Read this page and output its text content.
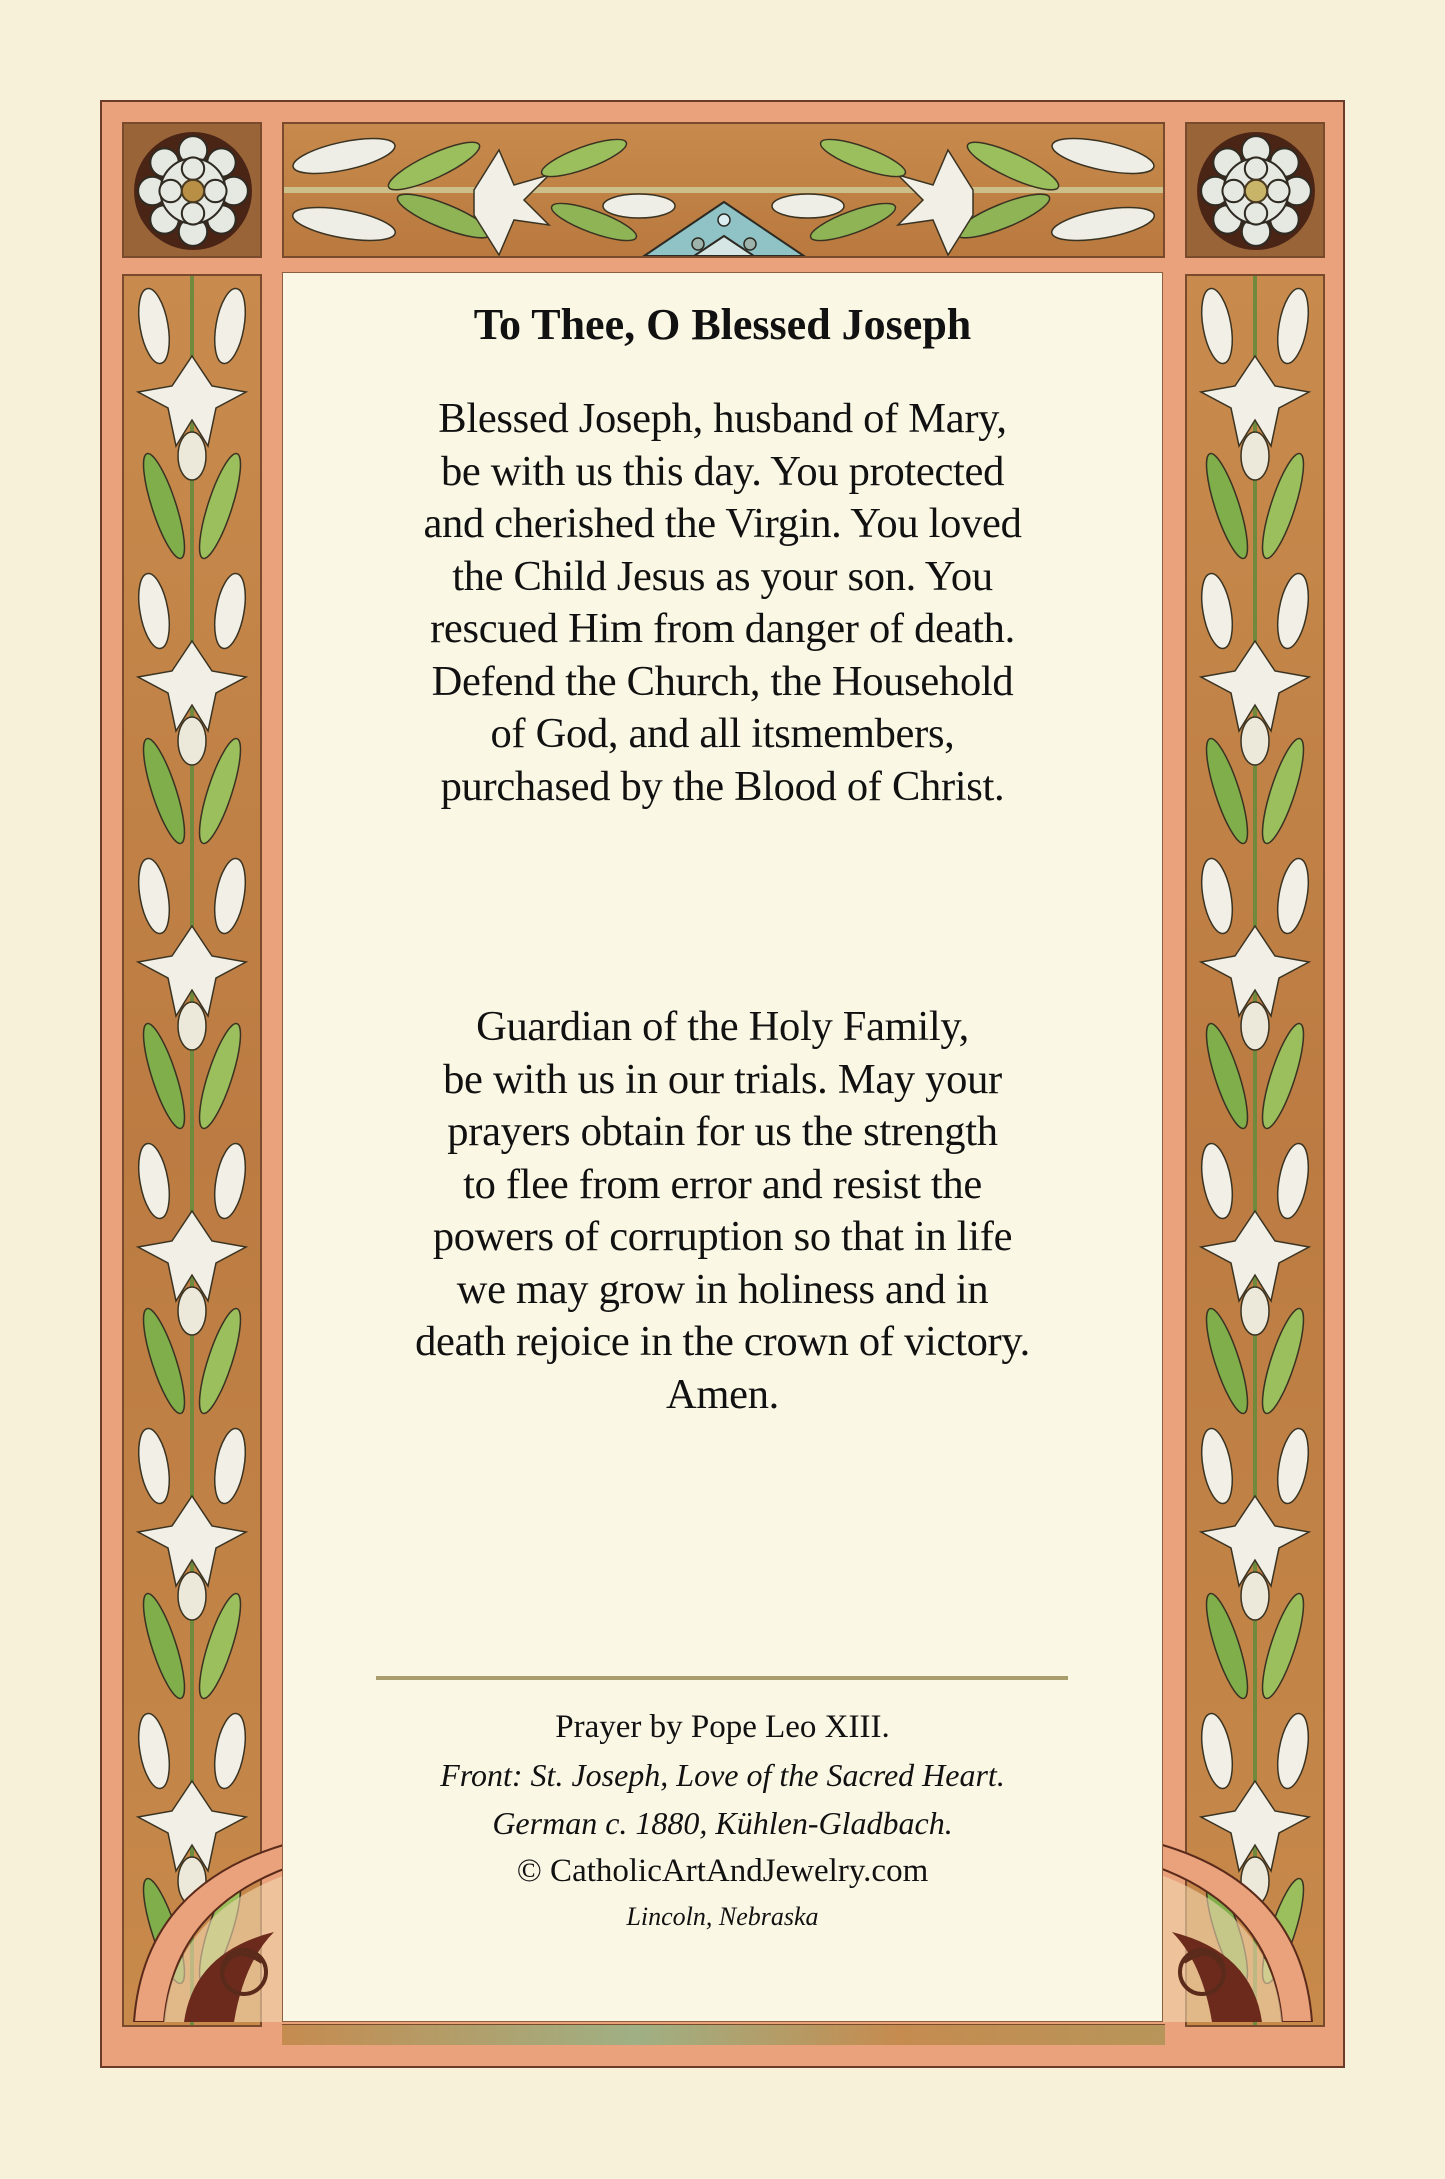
To Thee, O Blessed Joseph
Blessed Joseph, husband of Mary,
be with us this day. You protected
and cherished the Virgin. You loved
the Child Jesus as your son. You
rescued Him from danger of death.
Defend the Church, the Household
of God, and all itsmembers,
purchased by the Blood of Christ.
Guardian of the Holy Family,
be with us in our trials. May your
prayers obtain for us the strength
to flee from error and resist the
powers of corruption so that in life
we may grow in holiness and in
death rejoice in the crown of victory.
Amen.
Prayer by Pope Leo XIII.
Front: St. Joseph, Love of the Sacred Heart.
German c. 1880, Kühlen-Gladbach.
© CatholicArtAndJewelry.com
Lincoln, Nebraska
